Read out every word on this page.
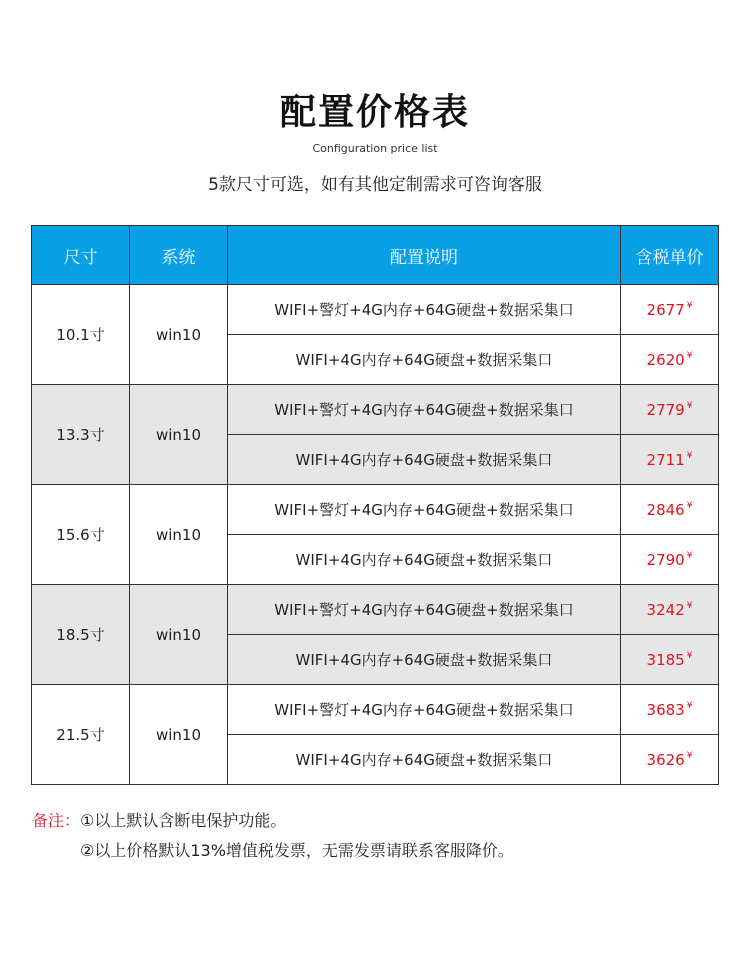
配置价格表
Configuration price list
5款尺寸可选，如有其他定制需求可咨询客服
尺寸	系统	配置说明	含税单价
10.1寸	win10	WIFI+警灯+4G内存+64G硬盘+数据采集口	2677 ¥
		WIFI+4G内存+64G硬盘+数据采集口	2620 ¥
13.3寸	win10	WIFI+警灯+4G内存+64G硬盘+数据采集口	2779 ¥
		WIFI+4G内存+64G硬盘+数据采集口	2711 ¥
15.6寸	win10	WIFI+警灯+4G内存+64G硬盘+数据采集口	2846 ¥
		WIFI+4G内存+64G硬盘+数据采集口	2790 ¥
18.5寸	win10	WIFI+警灯+4G内存+64G硬盘+数据采集口	3242 ¥
		WIFI+4G内存+64G硬盘+数据采集口	3185 ¥
21.5寸	win10	WIFI+警灯+4G内存+64G硬盘+数据采集口	3683 ¥
		WIFI+4G内存+64G硬盘+数据采集口	3626 ¥
备注：①以上默认含断电保护功能。
②以上价格默认13%增值税发票，无需发票请联系客服降价。
